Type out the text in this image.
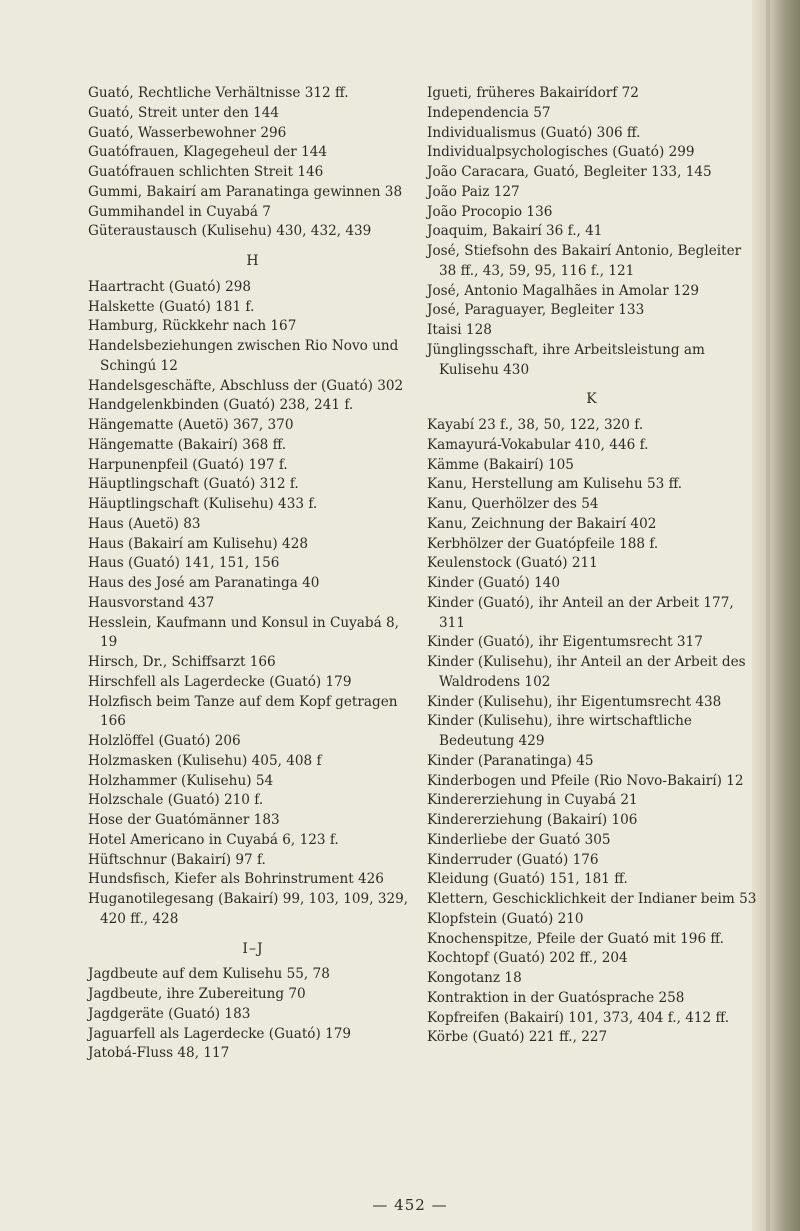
Guató, Rechtliche Verhältnisse 312 ff.
Guató, Streit unter den 144
Guató, Wasserbewohner 296
Guatófrauen, Klagegeheul der 144
Guatófrauen schlichten Streit 146
Gummi, Bakairí am Paranatinga gewinnen 38
Gummihandel in Cuyabá 7
Güteraustausch (Kulisehu) 430, 432, 439
H
Haartracht (Guató) 298
Halskette (Guató) 181 f.
Hamburg, Rückkehr nach 167
Handelsbeziehungen zwischen Rio Novo und Schingú 12
Handelsgeschäfte, Abschluss der (Guató) 302
Handgelenkbinden (Guató) 238, 241 f.
Hängematte (Auetö) 367, 370
Hängematte (Bakairí) 368 ff.
Harpunenpfeil (Guató) 197 f.
Häuptlingschaft (Guató) 312 f.
Häuptlingschaft (Kulisehu) 433 f.
Haus (Auetö) 83
Haus (Bakairí am Kulisehu) 428
Haus (Guató) 141, 151, 156
Haus des José am Paranatinga 40
Hausvorstand 437
Hesslein, Kaufmann und Konsul in Cuyabá 8, 19
Hirsch, Dr., Schiffsarzt 166
Hirschfell als Lagerdecke (Guató) 179
Holzfisch beim Tanze auf dem Kopf getragen 166
Holzlöffel (Guató) 206
Holzmasken (Kulisehu) 405, 408 f
Holzhammer (Kulisehu) 54
Holzschale (Guató) 210 f.
Hose der Guatómänner 183
Hotel Americano in Cuyabá 6, 123 f.
Hüftschnur (Bakairí) 97 f.
Hundsfisch, Kiefer als Bohrinstrument 426
Huganotilegesang (Bakairí) 99, 103, 109, 329, 420 ff., 428
I–J
Jagdbeute auf dem Kulisehu 55, 78
Jagdbeute, ihre Zubereitung 70
Jagdgeräte (Guató) 183
Jaguarfell als Lagerdecke (Guató) 179
Jatobá-Fluss 48, 117
Igueti, früheres Bakairídorf 72
Independencia 57
Individualismus (Guató) 306 ff.
Individualpsychologisches (Guató) 299
João Caracara, Guató, Begleiter 133, 145
João Paiz 127
João Procopio 136
Joaquim, Bakairí 36 f., 41
José, Stiefsohn des Bakairí Antonio, Begleiter 38 ff., 43, 59, 95, 116 f., 121
José, Antonio Magalhães in Amolar 129
José, Paraguayer, Begleiter 133
Itaisi 128
Jünglingsschaft, ihre Arbeitsleistung am Kulisehu 430
K
Kayabí 23 f., 38, 50, 122, 320 f.
Kamayurá-Vokabular 410, 446 f.
Kämme (Bakairí) 105
Kanu, Herstellung am Kulisehu 53 ff.
Kanu, Querhölzer des 54
Kanu, Zeichnung der Bakairí 402
Kerbhölzer der Guatópfeile 188 f.
Keulenstock (Guató) 211
Kinder (Guató) 140
Kinder (Guató), ihr Anteil an der Arbeit 177, 311
Kinder (Guató), ihr Eigentumsrecht 317
Kinder (Kulisehu), ihr Anteil an der Arbeit des Waldrodens 102
Kinder (Kulisehu), ihr Eigentumsrecht 438
Kinder (Kulisehu), ihre wirtschaftliche Bedeutung 429
Kinder (Paranatinga) 45
Kinderbogen und Pfeile (Rio Novo-Bakairí) 12
Kindererziehung in Cuyabá 21
Kindererziehung (Bakairí) 106
Kinderliebe der Guató 305
Kinderruder (Guató) 176
Kleidung (Guató) 151, 181 ff.
Klettern, Geschicklichkeit der Indianer beim 53
Klopfstein (Guató) 210
Knochenspitze, Pfeile der Guató mit 196 ff.
Kochtopf (Guató) 202 ff., 204
Kongotanz 18
Kontraktion in der Guatósprache 258
Kopfreifen (Bakairí) 101, 373, 404 f., 412 ff.
Körbe (Guató) 221 ff., 227
— 452 —
